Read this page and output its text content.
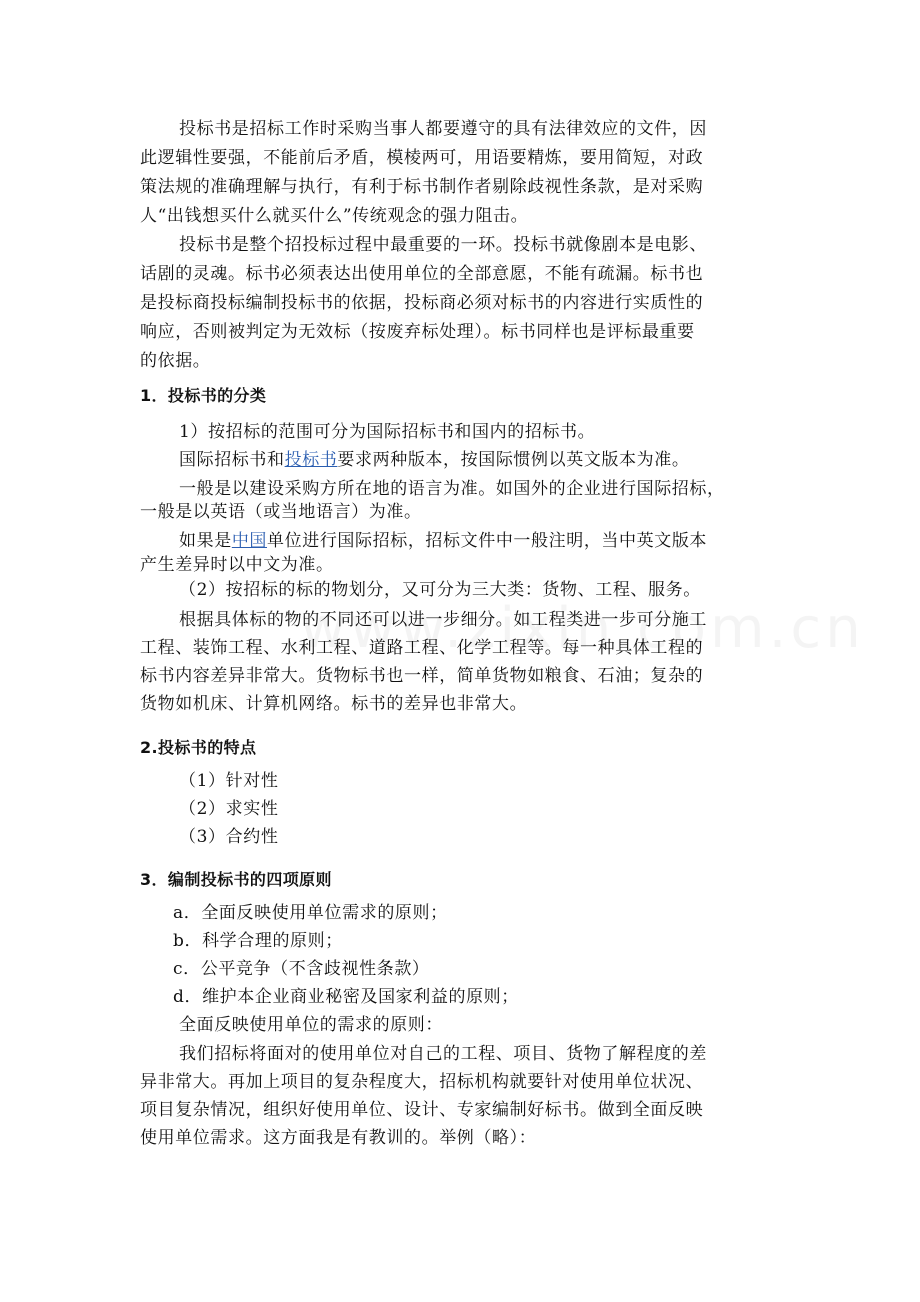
投标书是招标工作时采购当事人都要遵守的具有法律效应的文件，因
此逻辑性要强，不能前后矛盾，模棱两可，用语要精炼，要用简短，对政
策法规的准确理解与执行，有利于标书制作者剔除歧视性条款，是对采购
人“出钱想买什么就买什么”传统观念的强力阻击。
投标书是整个招投标过程中最重要的一环。投标书就像剧本是电影、
话剧的灵魂。标书必须表达出使用单位的全部意愿，不能有疏漏。标书也
是投标商投标编制投标书的依据，投标商必须对标书的内容进行实质性的
响应，否则被判定为无效标（按废弃标处理）。标书同样也是评标最重要
的依据。
1．投标书的分类
1）按招标的范围可分为国际招标书和国内的招标书。
国际招标书和投标书要求两种版本，按国际惯例以英文版本为准。
一般是以建设采购方所在地的语言为准。如国外的企业进行国际招标，
一般是以英语（或当地语言）为准。
如果是中国单位进行国际招标，招标文件中一般注明，当中英文版本
产生差异时以中文为准。
（2）按招标的标的物划分，又可分为三大类：货物、工程、服务。
根据具体标的物的不同还可以进一步细分。如工程类进一步可分施工
工程、装饰工程、水利工程、道路工程、化学工程等。每一种具体工程的
标书内容差异非常大。货物标书也一样，简单货物如粮食、石油；复杂的
货物如机床、计算机网络。标书的差异也非常大。
2.投标书的特点
（1）针对性
（2）求实性
（3）合约性
3．编制投标书的四项原则
a．全面反映使用单位需求的原则；
b．科学合理的原则；
c．公平竞争（不含歧视性条款）
d．维护本企业商业秘密及国家利益的原则；
全面反映使用单位的需求的原则：
我们招标将面对的使用单位对自己的工程、项目、货物了解程度的差
异非常大。再加上项目的复杂程度大，招标机构就要针对使用单位状况、
项目复杂情况，组织好使用单位、设计、专家编制好标书。做到全面反映
使用单位需求。这方面我是有教训的。举例（略）：
